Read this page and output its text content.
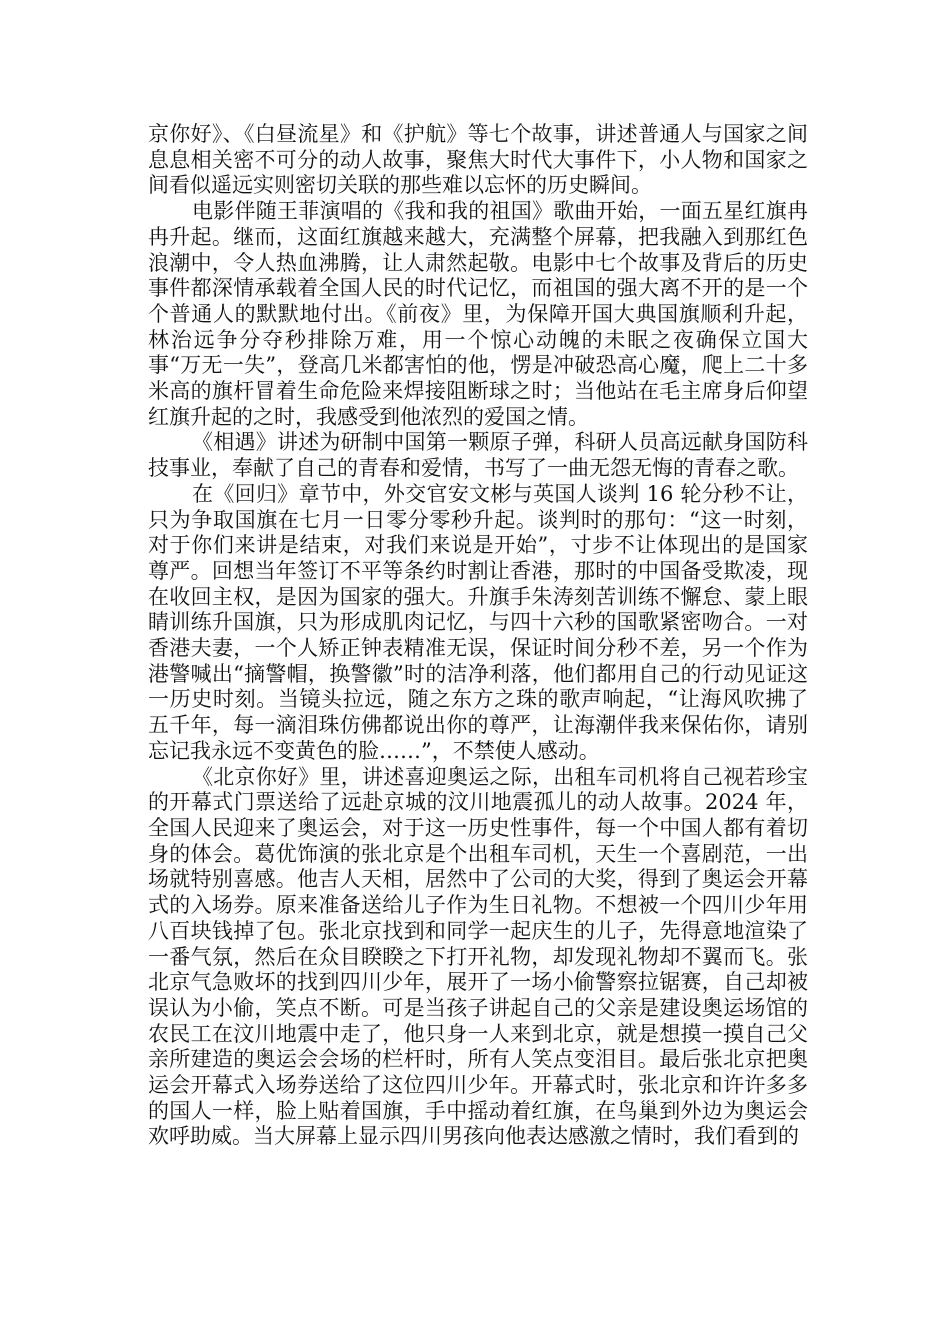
京你好》、《白昼流星》和《护航》等七个故事，讲述普通人与国家之间息息相关密不可分的动人故事，聚焦大时代大事件下，小人物和国家之间看似遥远实则密切关联的那些难以忘怀的历史瞬间。

电影伴随王菲演唱的《我和我的祖国》歌曲开始，一面五星红旗冉冉升起。继而，这面红旗越来越大，充满整个屏幕，把我融入到那红色浪潮中，令人热血沸腾，让人肃然起敬。电影中七个故事及背后的历史事件都深情承载着全国人民的时代记忆，而祖国的强大离不开的是一个个普通人的默默地付出。《前夜》里，为保障开国大典国旗顺利升起，林治远争分夺秒排除万难，用一个惊心动魄的未眠之夜确保立国大事“万无一失”，登高几米都害怕的他，愣是冲破恐高心魔，爬上二十多米高的旗杆冒着生命危险来焊接阻断球之时；当他站在毛主席身后仰望红旗升起的之时，我感受到他浓烈的爱国之情。

《相遇》讲述为研制中国第一颗原子弹，科研人员高远献身国防科技事业，奉献了自己的青春和爱情，书写了一曲无怨无悔的青春之歌。

在《回归》章节中，外交官安文彬与英国人谈判 16 轮分秒不让，只为争取国旗在七月一日零分零秒升起。谈判时的那句：“这一时刻，对于你们来讲是结束，对我们来说是开始”，寸步不让体现出的是国家尊严。回想当年签订不平等条约时割让香港，那时的中国备受欺凌，现在收回主权，是因为国家的强大。升旗手朱涛刻苦训练不懈怠、蒙上眼睛训练升国旗，只为形成肌肉记忆，与四十六秒的国歌紧密吻合。一对香港夫妻，一个人矫正钟表精准无误，保证时间分秒不差，另一个作为港警喊出“摘警帽，换警徽”时的洁净利落，他们都用自己的行动见证这一历史时刻。当镜头拉远，随之东方之珠的歌声响起，“让海风吹拂了五千年，每一滴泪珠仿佛都说出你的尊严，让海潮伴我来保佑你，请别忘记我永远不变黄色的脸……”，不禁使人感动。

《北京你好》里，讲述喜迎奥运之际，出租车司机将自己视若珍宝的开幕式门票送给了远赴京城的汶川地震孤儿的动人故事。2024 年，全国人民迎来了奥运会，对于这一历史性事件，每一个中国人都有着切身的体会。葛优饰演的张北京是个出租车司机，天生一个喜剧范，一出场就特别喜感。他吉人天相，居然中了公司的大奖，得到了奥运会开幕式的入场券。原来准备送给儿子作为生日礼物。不想被一个四川少年用八百块钱掉了包。张北京找到和同学一起庆生的儿子，先得意地渲染了一番气氛，然后在众目睽睽之下打开礼物，却发现礼物却不翼而飞。张北京气急败坏的找到四川少年，展开了一场小偷警察拉锯赛，自己却被误认为小偷，笑点不断。可是当孩子讲起自己的父亲是建设奥运场馆的农民工在汶川地震中走了，他只身一人来到北京，就是想摸一摸自己父亲所建造的奥运会会场的栏杆时，所有人笑点变泪目。最后张北京把奥运会开幕式入场券送给了这位四川少年。开幕式时，张北京和许许多多的国人一样，脸上贴着国旗，手中摇动着红旗，在鸟巢到外边为奥运会欢呼助威。当大屏幕上显示四川男孩向他表达感激之情时，我们看到的
